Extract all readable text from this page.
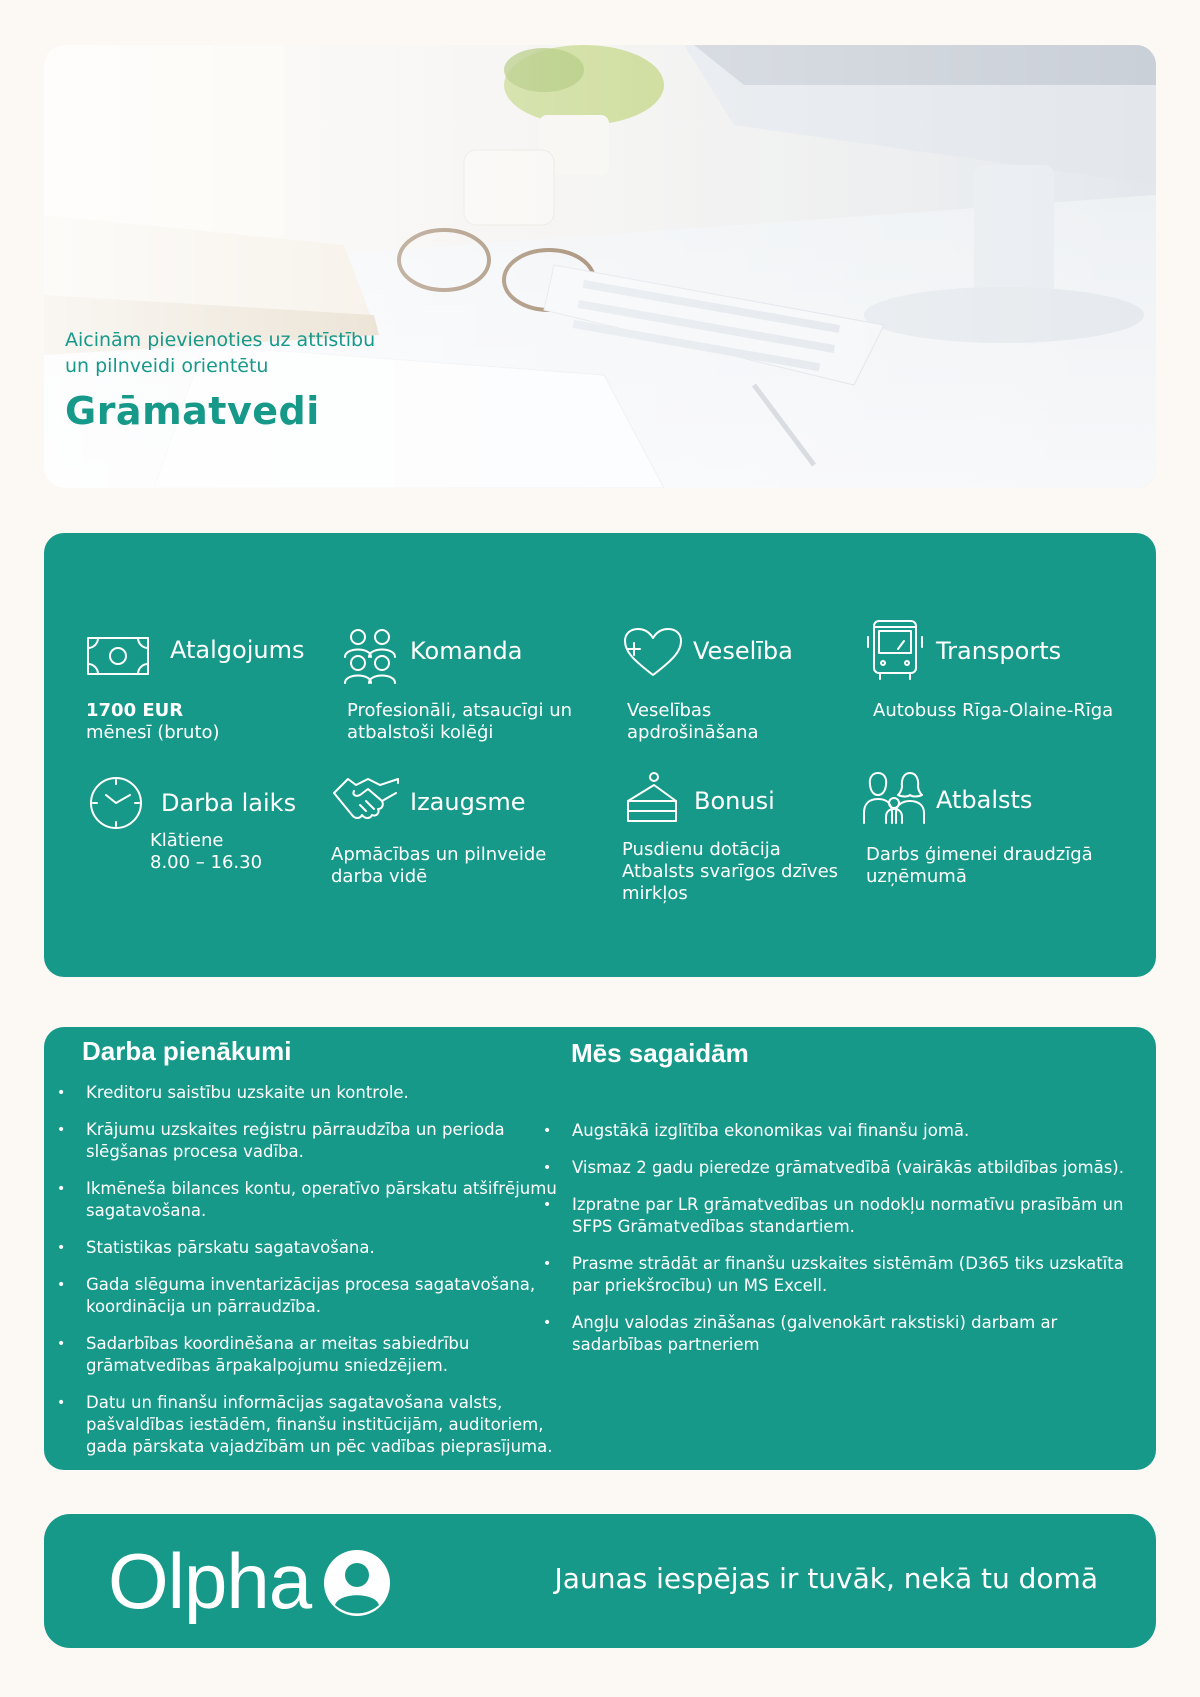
Aicinām pievienoties uz attīstību un pilnveidi orientētu
Grāmatvedi
Atalgojums
1700 EUR
mēnesī (bruto)
Komanda
Profesionāli, atsaucīgi un atbalstoši kolēģi
Veselība
Veselības apdrošināšana
Transports
Autobuss Rīga-Olaine-Rīga
Darba laiks
Klātiene
8.00 – 16.30
Izaugsme
Apmācības un pilnveide darba vidē
Bonusi
Pusdienu dotācija
Atbalsts svarīgos dzīves mirkļos
Atbalsts
Darbs ģimenei draudzīgā uzņēmumā
Darba pienākumi
• Kreditoru saistību uzskaite un kontrole.
• Krājumu uzskaites reģistru pārraudzība un perioda slēgšanas procesa vadība.
• Ikmēneša bilances kontu, operatīvo pārskatu atšifrējumu sagatavošana.
• Statistikas pārskatu sagatavošana.
• Gada slēguma inventarizācijas procesa sagatavošana, koordinācija un pārraudzība.
• Sadarbības koordinēšana ar meitas sabiedrību grāmatvedības ārpakalpojumu sniedzējiem.
• Datu un finanšu informācijas sagatavošana valsts, pašvaldības iestādēm, finanšu institūcijām, auditoriem, gada pārskata vajadzībām un pēc vadības pieprasījuma.
Mēs sagaidām
• Augstākā izglītība ekonomikas vai finanšu jomā.
• Vismaz 2 gadu pieredze grāmatvedībā (vairākās atbildības jomās).
• Izpratne par LR grāmatvedības un nodokļu normatīvu prasībām un SFPS Grāmatvedības standartiem.
• Prasme strādāt ar finanšu uzskaites sistēmām (D365 tiks uzskatīta par priekšrocību) un MS Excell.
• Angļu valodas zināšanas (galvenokārt rakstiski) darbam ar sadarbības partneriem
Olpha	Jaunas iespējas ir tuvāk, nekā tu domā
